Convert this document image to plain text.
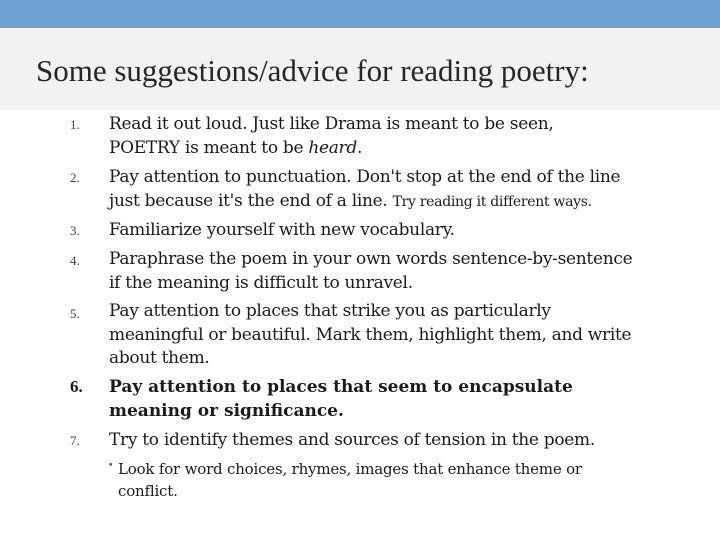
Some suggestions/advice for reading poetry:
1.	Read it out loud. Just like Drama is meant to be seen,
POETRY is meant to be heard.

2.	Pay attention to punctuation. Don't stop at the end of the line
just because it's the end of a line. Try reading it different ways.

3.	Familiarize yourself with new vocabulary.

4.	Paraphrase the poem in your own words sentence-by-sentence
if the meaning is difficult to unravel.

5.	Pay attention to places that strike you as particularly
meaningful or beautiful. Mark them, highlight them, and write
about them.

6.	Pay attention to places that seem to encapsulate
meaning or significance.

7.	Try to identify themes and sources of tension in the poem.

• Look for word choices, rhymes, images that enhance theme or
conflict.
